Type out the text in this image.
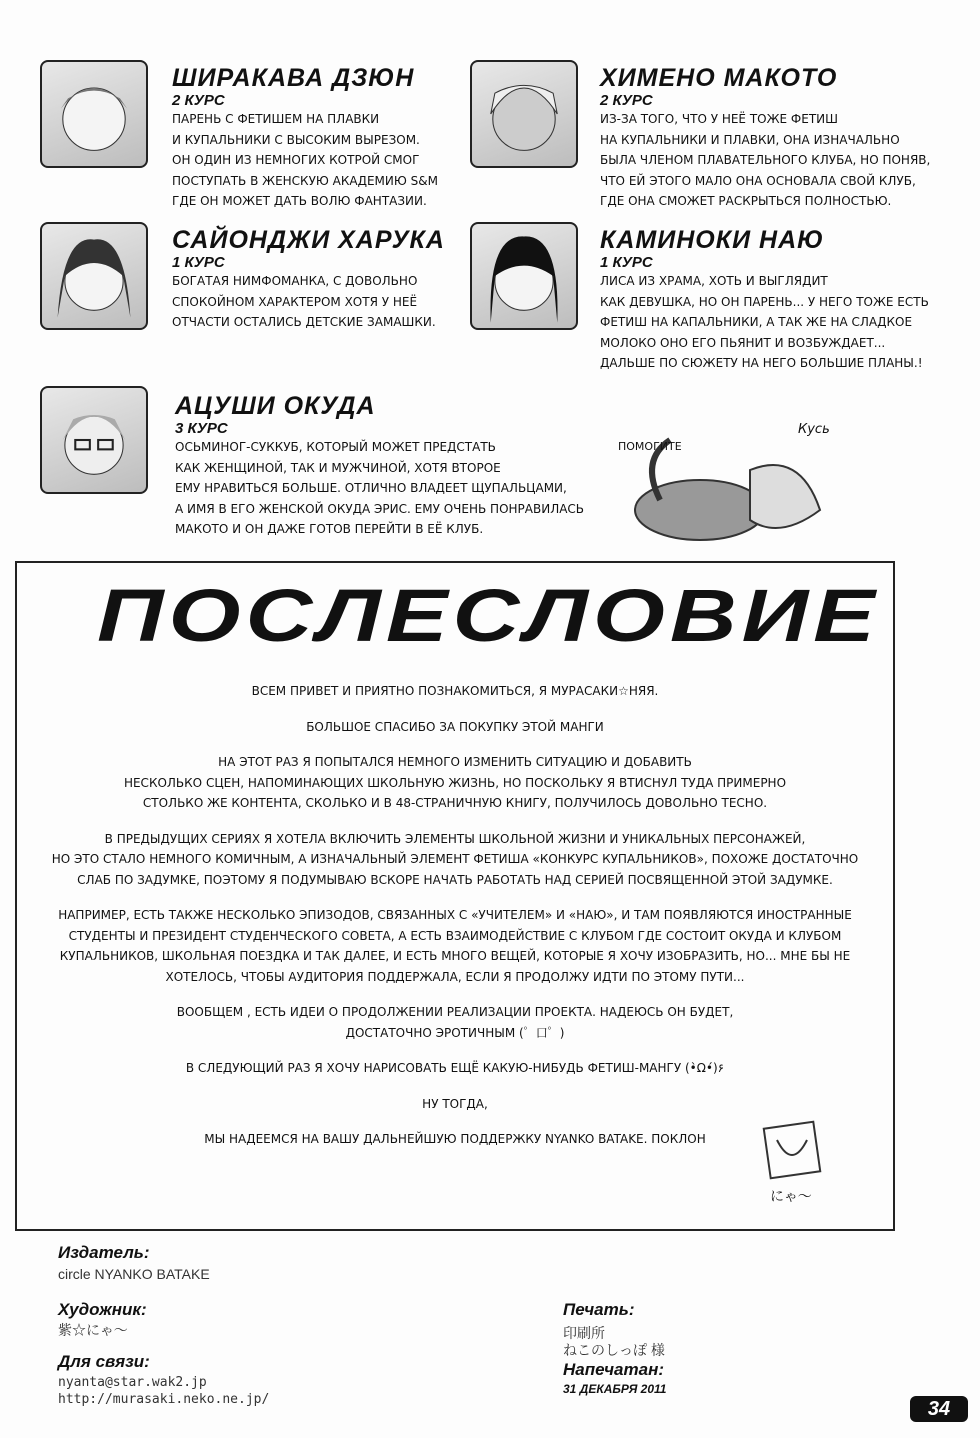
ШИРАКАВА ДЗЮН
2 КУРС
ПАРЕНЬ С ФЕТИШЕМ НА ПЛАВКИ
И КУПАЛЬНИКИ С ВЫСОКИМ ВЫРЕЗОМ.
ОН ОДИН ИЗ НЕМНОГИХ КОТРОЙ СМОГ
ПОСТУПАТЬ В ЖЕНСКУЮ АКАДЕМИЮ S&M
ГДЕ ОН МОЖЕТ ДАТЬ ВОЛЮ ФАНТАЗИИ.
ХИМЕНО МАКОТО
2 КУРС
ИЗ-ЗА ТОГО, ЧТО У НЕЁ ТОЖЕ ФЕТИШ
НА КУПАЛЬНИКИ И ПЛАВКИ, ОНА ИЗНАЧАЛЬНО
БЫЛА ЧЛЕНОМ ПЛАВАТЕЛЬНОГО КЛУБА, НО ПОНЯВ,
ЧТО ЕЙ ЭТОГО МАЛО ОНА ОСНОВАЛА СВОЙ КЛУБ,
ГДЕ ОНА СМОЖЕТ РАСКРЫТЬСЯ ПОЛНОСТЬЮ.
САЙОНДЖИ ХАРУКА
1 КУРС
БОГАТАЯ НИМФОМАНКА, С ДОВОЛЬНО
СПОКОЙНОМ ХАРАКТЕРОМ ХОТЯ У НЕЁ
ОТЧАСТИ ОСТАЛИСЬ ДЕТСКИЕ ЗАМАШКИ.
КАМИНОКИ НАЮ
1 КУРС
ЛИСА ИЗ ХРАМА, ХОТЬ И ВЫГЛЯДИТ
КАК ДЕВУШКА, НО ОН ПАРЕНЬ... У НЕГО ТОЖЕ ЕСТЬ
ФЕТИШ НА КАПАЛЬНИКИ, А ТАК ЖЕ НА СЛАДКОЕ
МОЛОКО ОНО ЕГО ПЬЯНИТ И ВОЗБУЖДАЕТ...
ДАЛЬШЕ ПО СЮЖЕТУ НА НЕГО БОЛЬШИЕ ПЛАНЫ.!
АЦУШИ ОКУДА
3 КУРС
ОСЬМИНОГ-СУККУБ, КОТОРЫЙ МОЖЕТ ПРЕДСТАТЬ
КАК ЖЕНЩИНОЙ, ТАК И МУЖЧИНОЙ, ХОТЯ ВТОРОЕ
ЕМУ НРАВИТЬСЯ БОЛЬШЕ. ОТЛИЧНО ВЛАДЕЕТ ЩУПАЛЬЦАМИ,
А ИМЯ В ЕГО ЖЕНСКОЙ ОКУДА ЭРИС. ЕМУ ОЧЕНЬ ПОНРАВИЛАСЬ
МАКОТО И ОН ДАЖЕ ГОТОВ ПЕРЕЙТИ В ЕЁ КЛУБ.
ПОМОГИТЕ
Кусь
ПОСЛЕСЛОВИЕ

ВСЕМ ПРИВЕТ И ПРИЯТНО ПОЗНАКОМИТЬСЯ, Я МУРАСАКИ☆НЯЯ.

БОЛЬШОЕ СПАСИБО ЗА ПОКУПКУ ЭТОЙ МАНГИ

НА ЭТОТ РАЗ Я ПОПЫТАЛСЯ НЕМНОГО ИЗМЕНИТЬ СИТУАЦИЮ И ДОБАВИТЬ
НЕСКОЛЬКО СЦЕН, НАПОМИНАЮЩИХ ШКОЛЬНУЮ ЖИЗНЬ, НО ПОСКОЛЬКУ Я ВТИСНУЛ ТУДА ПРИМЕРНО
СТОЛЬКО ЖЕ КОНТЕНТА, СКОЛЬКО И В 48-СТРАНИЧНУЮ КНИГУ, ПОЛУЧИЛОСЬ ДОВОЛЬНО ТЕСНО.

В ПРЕДЫДУЩИХ СЕРИЯХ Я ХОТЕЛА ВКЛЮЧИТЬ ЭЛЕМЕНТЫ ШКОЛЬНОЙ ЖИЗНИ И УНИКАЛЬНЫХ ПЕРСОНАЖЕЙ,
НО ЭТО СТАЛО НЕМНОГО КОМИЧНЫМ, А ИЗНАЧАЛЬНЫЙ ЭЛЕМЕНТ ФЕТИША «КОНКУРС КУПАЛЬНИКОВ», ПОХОЖЕ ДОСТАТОЧНО
СЛАБ ПО ЗАДУМКЕ, ПОЭТОМУ Я ПОДУМЫВАЮ ВСКОРЕ НАЧАТЬ РАБОТАТЬ НАД СЕРИЕЙ ПОСВЯЩЕННОЙ ЭТОЙ ЗАДУМКЕ.

НАПРИМЕР, ЕСТЬ ТАКЖЕ НЕСКОЛЬКО ЭПИЗОДОВ, СВЯЗАННЫХ С «УЧИТЕЛЕМ» И «НАЮ», И ТАМ ПОЯВЛЯЮТСЯ ИНОСТРАННЫЕ
СТУДЕНТЫ И ПРЕЗИДЕНТ СТУДЕНЧЕСКОГО СОВЕТА, А ЕСТЬ ВЗАИМОДЕЙСТВИЕ С КЛУБОМ ГДЕ СОСТОИТ ОКУДА И КЛУБОМ
КУПАЛЬНИКОВ, ШКОЛЬНАЯ ПОЕЗДКА И ТАК ДАЛЕЕ, И ЕСТЬ МНОГО ВЕЩЕЙ, КОТОРЫЕ Я ХОЧУ ИЗОБРАЗИТЬ, НО... МНЕ БЫ НЕ
ХОТЕЛОСЬ, ЧТОБЫ АУДИТОРИЯ ПОДДЕРЖАЛА, ЕСЛИ Я ПРОДОЛЖУ ИДТИ ПО ЭТОМУ ПУТИ...

ВООБЩЕМ , ЕСТЬ ИДЕИ О ПРОДОЛЖЕНИИ РЕАЛИЗАЦИИ ПРОЕКТА. НАДЕЮСЬ ОН БУДЕТ,
ДОСТАТОЧНО ЭРОТИЧНЫМ (゜口゜)

В СЛЕДУЮЩИЙ РАЗ Я ХОЧУ НАРИСОВАТЬ ЕЩЁ КАКУЮ-НИБУДЬ ФЕТИШ-МАНГУ (•̀Ω•́)۶

НУ ТОГДА,

МЫ НАДЕЕМСЯ НА ВАШУ ДАЛЬНЕЙШУЮ ПОДДЕРЖКУ NYANKO BATAKE. ПОКЛОН

にゃ～
Издатель:
circle NYANKO BATAKE
Художник:
紫☆にゃ～
Для связи:
nyanta@star.wak2.jp
http://murasaki.neko.ne.jp/
Печать:
印刷所
ねこのしっぽ 様
Напечатан:
31 ДЕКАБРЯ 2011
34
